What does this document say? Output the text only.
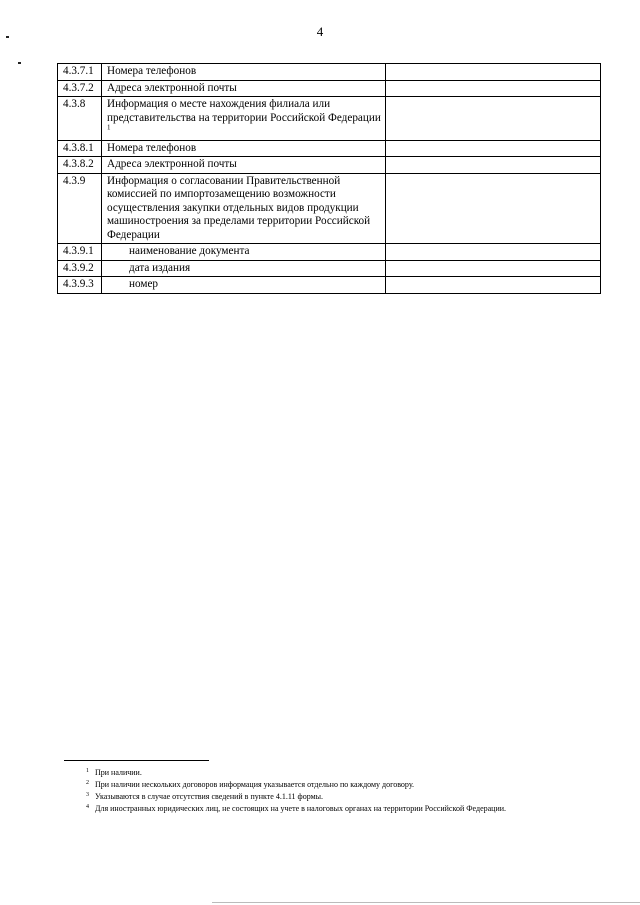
4
4.3.7.1	Номера телефонов	
4.3.7.2	Адреса электронной почты	
4.3.8	Информация о месте нахождения филиала или представительства на территории Российской Федерации $^1$	
4.3.8.1	Номера телефонов	
4.3.8.2	Адреса электронной почты	
4.3.9	Информация о согласовании Правительственной комиссией по импортозамещению возможности осуществления закупки отдельных видов продукции машиностроения за пределами территории Российской Федерации	
4.3.9.1	наименование документа	
4.3.9.2	дата издания	
4.3.9.3	номер	
1 При наличии.
2 При наличии нескольких договоров информация указывается отдельно по каждому договору.
3 Указываются в случае отсутствия сведений в пункте 4.1.11 формы.
4 Для иностранных юридических лиц, не состоящих на учете в налоговых органах на территории Российской Федерации.
